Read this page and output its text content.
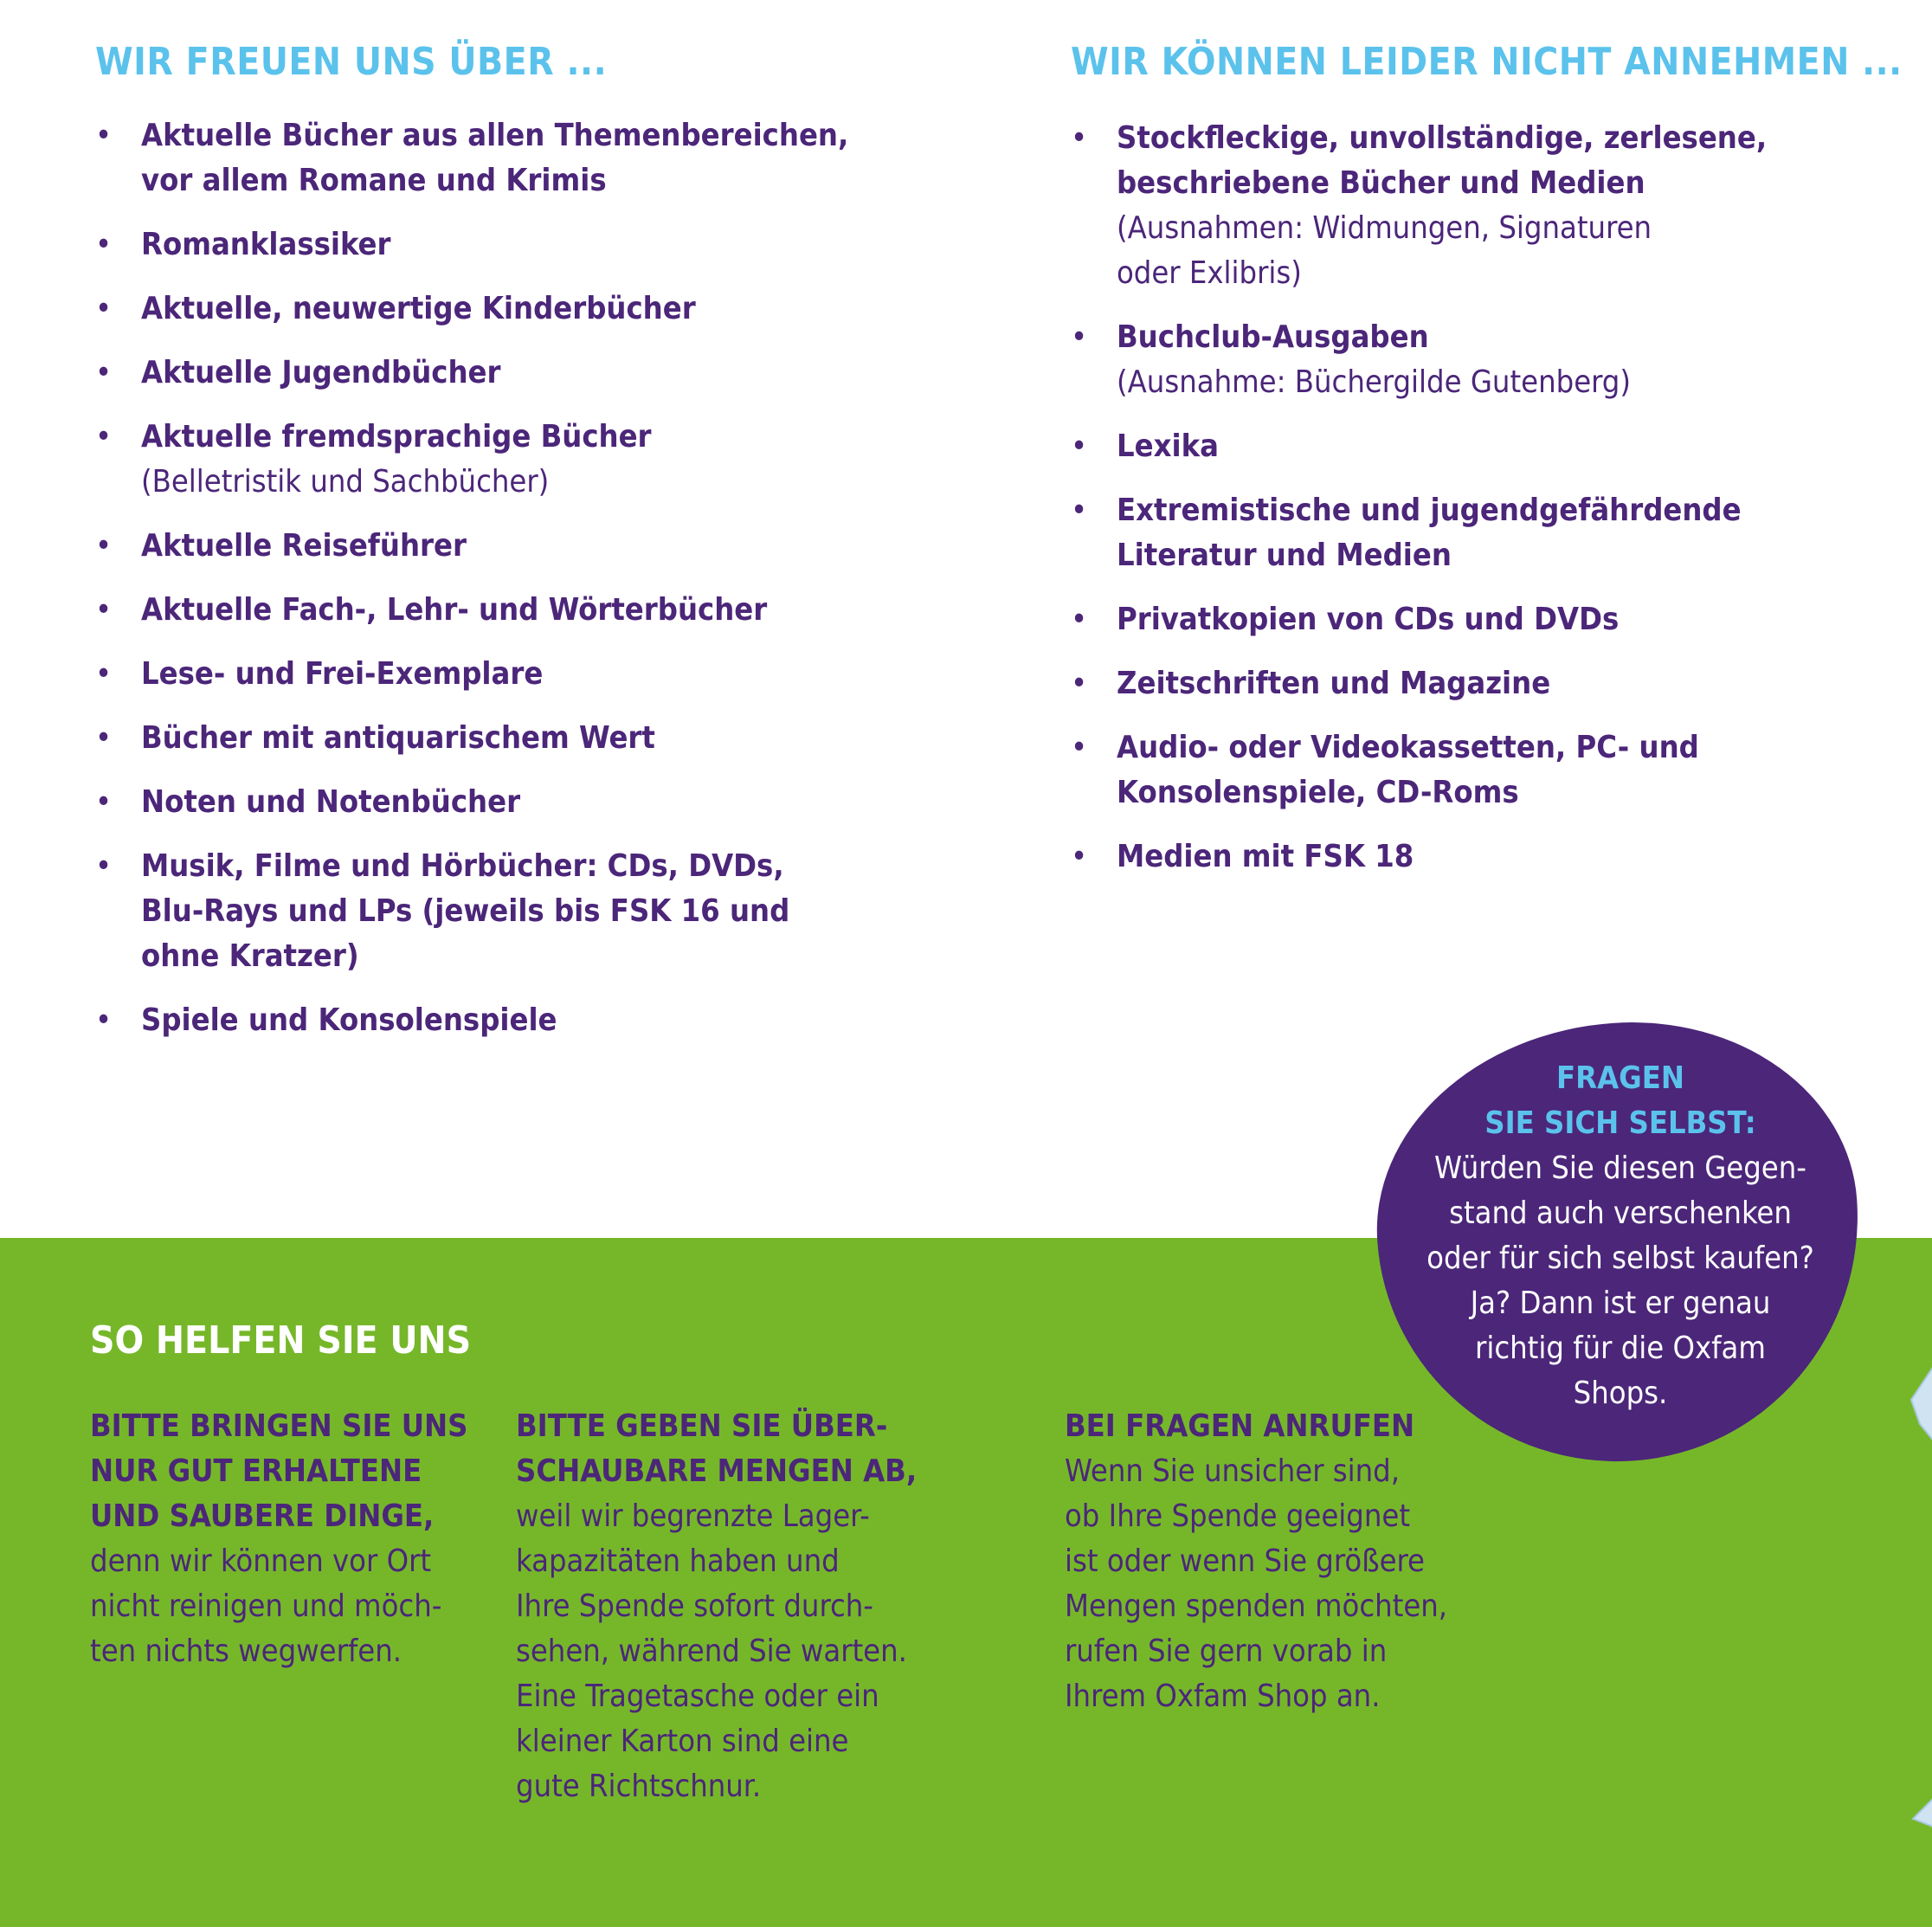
WIR FREUEN UNS ÜBER ...
• Aktuelle Bücher aus allen Themenbereichen,
vor allem Romane und Krimis
• Romanklassiker
• Aktuelle, neuwertige Kinderbücher
• Aktuelle Jugendbücher
• Aktuelle fremdsprachige Bücher
(Belletristik und Sachbücher)
• Aktuelle Reiseführer
• Aktuelle Fach-, Lehr- und Wörterbücher
• Lese- und Frei-Exemplare
• Bücher mit antiquarischem Wert
• Noten und Notenbücher
• Musik, Filme und Hörbücher: CDs, DVDs,
Blu-Rays und LPs (jeweils bis FSK 16 und
ohne Kratzer)
• Spiele und Konsolenspiele
WIR KÖNNEN LEIDER NICHT ANNEHMEN ...
• Stockfleckige, unvollständige, zerlesene,
beschriebene Bücher und Medien
(Ausnahmen: Widmungen, Signaturen
oder Exlibris)
• Buchclub-Ausgaben
(Ausnahme: Büchergilde Gutenberg)
• Lexika
• Extremistische und jugendgefährdende
Literatur und Medien
• Privatkopien von CDs und DVDs
• Zeitschriften und Magazine
• Audio- oder Videokassetten, PC- und
Konsolenspiele, CD-Roms
• Medien mit FSK 18
SO HELFEN SIE UNS
BITTE BRINGEN SIE UNS
NUR GUT ERHALTENE
UND SAUBERE DINGE,
denn wir können vor Ort
nicht reinigen und möch-
ten nichts wegwerfen.
BITTE GEBEN SIE ÜBER-
SCHAUBARE MENGEN AB,
weil wir begrenzte Lager-
kapazitäten haben und
Ihre Spende sofort durch-
sehen, während Sie warten.
Eine Tragetasche oder ein
kleiner Karton sind eine
gute Richtschnur.
BEI FRAGEN ANRUFEN
Wenn Sie unsicher sind,
ob Ihre Spende geeignet
ist oder wenn Sie größere
Mengen spenden möchten,
rufen Sie gern vorab in
Ihrem Oxfam Shop an.
FRAGEN
SIE SICH SELBST:
Würden Sie diesen Gegen-
stand auch verschenken
oder für sich selbst kaufen?
Ja? Dann ist er genau
richtig für die Oxfam
Shops.
